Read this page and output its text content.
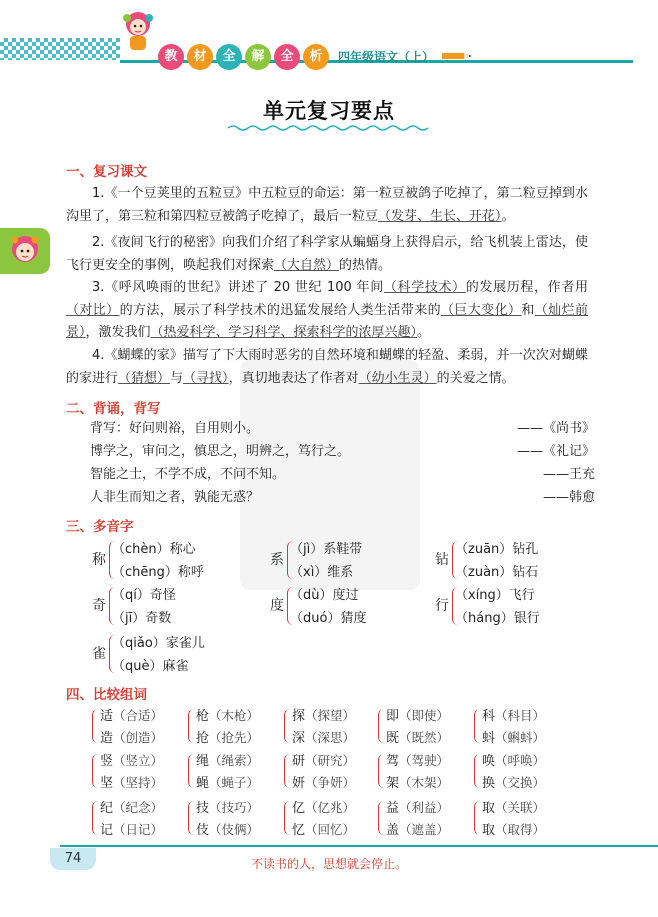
教	材	全	解	全	析	四年级语文（上）
单元复习要点
一、复习课文
1.《一个豆荚里的五粒豆》中五粒豆的命运：第一粒豆被鸽子吃掉了，第二粒豆掉到水沟里了，第三粒和第四粒豆被鸽子吃掉了，最后一粒豆（发芽、生长、开花）。
2.《夜间飞行的秘密》向我们介绍了科学家从蝙蝠身上获得启示，给飞机装上雷达，使飞行更安全的事例，唤起我们对探索（大自然）的热情。
3.《呼风唤雨的世纪》讲述了 20 世纪 100 年间（科学技术）的发展历程，作者用（对比）的方法，展示了科学技术的迅猛发展给人类生活带来的（巨大变化）和（灿烂前景），激发我们（热爱科学、学习科学、探索科学的浓厚兴趣）。
4.《蝴蝶的家》描写了下大雨时恶劣的自然环境和蝴蝶的轻盈、柔弱，并一次次对蝴蝶的家进行（猜想）与（寻找），真切地表达了作者对（幼小生灵）的关爱之情。
二、背诵，背写
背写：好问则裕，自用则小。	——《尚书》
博学之，审问之，慎思之，明辨之，笃行之。	——《礼记》
智能之士，不学不成，不问不知。	——王充
人非生而知之者，孰能无惑？	——韩愈
三、多音字
称
（chèn）称心
（chēng）称呼
系
（jì）系鞋带
（xì）维系
钻
（zuān）钻孔
（zuàn）钻石
奇
（qí）奇怪
（jī）奇数
度
（dù）度过
（duó）猜度
行
（xíng）飞行
（háng）银行
雀
（qiǎo）家雀儿
（què）麻雀
四、比较组词
适（合适）
造（创造）
枪（木枪）
抢（抢先）
探（探望）
深（深思）
即（即使）
既（既然）
科（科目）
蚪（蝌蚪）
竖（竖立）
坚（坚持）
绳（绳索）
蝇（蝇子）
研（研究）
妍（争妍）
驾（驾驶）
架（木架）
唤（呼唤）
换（交换）
纪（纪念）
记（日记）
技（技巧）
伎（伎俩）
亿（亿兆）
忆（回忆）
益（利益）
盖（遮盖）
取（关联）
取（取得）
74	不读书的人，思想就会停止。
